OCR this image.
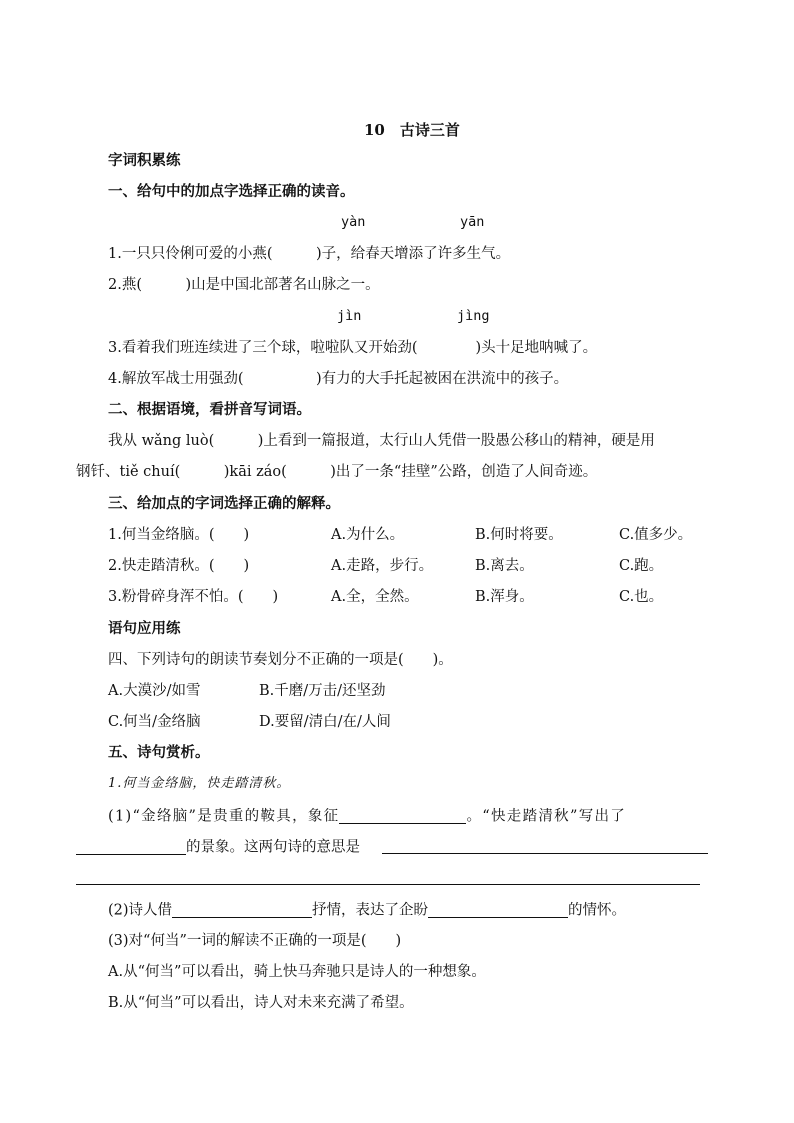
10　古诗三首
字词积累练
一、给句中的加点字选择正确的读音。
yàn	yān
1.一只只伶俐可爱的小燕(　　　)子，给春天增添了许多生气。
2.燕(　　　)山是中国北部著名山脉之一。
jìn	jìng
3.看着我们班连续进了三个球，啦啦队又开始劲(　　　　)头十足地呐喊了。
4.解放军战士用强劲(　　　　　)有力的大手托起被困在洪流中的孩子。
二、根据语境，看拼音写词语。
我从 wǎng luò(　　　)上看到一篇报道，太行山人凭借一股愚公移山的精神，硬是用
钢钎、tiě chuí(　　　)kāi záo(　　　)出了一条“挂壁”公路，创造了人间奇迹。
三、给加点的字词选择正确的解释。
1.何当金络脑。(　　)	A.为什么。	B.何时将要。	C.值多少。
2.快走踏清秋。(　　)	A.走路，步行。	B.离去。	C.跑。
3.粉骨碎身浑不怕。(　　)	A.全，全然。	B.浑身。	C.也。
语句应用练
四、下列诗句的朗读节奏划分不正确的一项是(　　)。
A.大漠沙/如雪	B.千磨/万击/还坚劲
C.何当/金络脑	D.要留/清白/在/人间
五、诗句赏析。
1.何当金络脑，快走踏清秋。
(1)“金络脑”是贵重的鞍具，象征	。“快走踏清秋”写出了
的景象。这两句诗的意思是
(2)诗人借	抒情，表达了企盼	的情怀。
(3)对“何当”一词的解读不正确的一项是(　　)
A.从“何当”可以看出，骑上快马奔驰只是诗人的一种想象。
B.从“何当”可以看出，诗人对未来充满了希望。
